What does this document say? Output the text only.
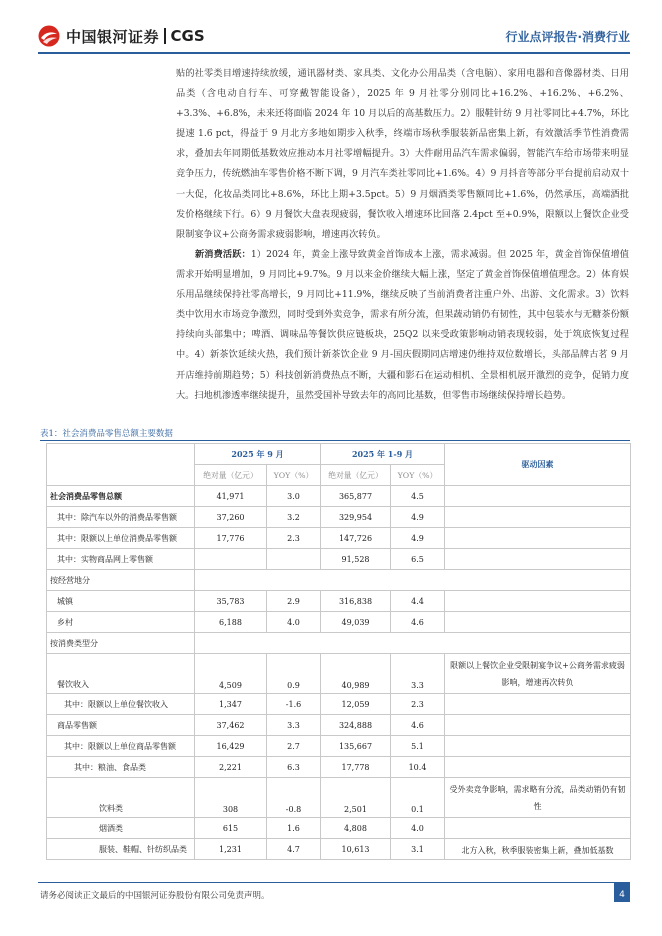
中国银河证券 CGS	行业点评报告·消费行业

贴的社零类目增速持续放缓，通讯器材类、家具类、文化办公用品类（含电脑）、家用电器和音像器材类、日用品类（含电动自行车、可穿戴智能设备），2025 年 9 月社零分别同比+16.2%、+16.2%、+6.2%、+3.3%、+6.8%，未来还将面临 2024 年 10 月以后的高基数压力。2）服鞋针纺 9 月社零同比+4.7%，环比提速 1.6 pct，得益于 9 月北方多地如期步入秋季，终端市场秋季服装新品密集上新，有效激活季节性消费需求，叠加去年同期低基数效应推动本月社零增幅提升。3）大件耐用品汽车需求偏弱，智能汽车给市场带来明显竞争压力，传统燃油车零售价格不断下调，9 月汽车类社零同比+1.6%。4）9 月抖音等部分平台提前启动双十一大促，化妆品类同比+8.6%，环比上期+3.5pct。5）9 月烟酒类零售额同比+1.6%，仍然承压，高端酒批发价格继续下行。6）9 月餐饮大盘表现疲弱，餐饮收入增速环比回落 2.4pct 至+0.9%，限额以上餐饮企业受限制宴争议+公商务需求疲弱影响，增速再次转负。

新消费活跃：1）2024 年，黄金上涨导致黄金首饰成本上涨，需求减弱。但 2025 年，黄金首饰保值增值需求开始明显增加，9 月同比+9.7%。9 月以来金价继续大幅上涨，坚定了黄金首饰保值增值理念。2）体育娱乐用品继续保持社零高增长，9 月同比+11.9%，继续反映了当前消费者注重户外、出游、文化需求。3）饮料类中饮用水市场竞争激烈，同时受到外卖竞争，需求有所分流，但果蔬动销仍有韧性，其中包装水与无糖茶份额持续向头部集中；啤酒、调味品等餐饮供应链板块，25Q2 以来受政策影响动销表现较弱，处于筑底恢复过程中。4）新茶饮延续火热，我们预计新茶饮企业 9 月-国庆假期同店增速仍维持双位数增长，头部品牌古茗 9 月开店维持前期趋势；5）科技创新消费热点不断，大疆和影石在运动相机、全景相机展开激烈的竞争，促销力度大。扫地机渗透率继续提升，虽然受国补导致去年的高同比基数，但零售市场继续保持增长趋势。

表1：社会消费品零售总额主要数据
	2025 年 9 月		2025 年 1-9 月		驱动因素
	绝对量（亿元）	YOY（%）	绝对量（亿元）	YOY（%）	
社会消费品零售总额	41,971	3.0	365,877	4.5	
其中：除汽车以外的消费品零售额	37,260	3.2	329,954	4.9	
其中：限额以上单位消费品零售额	17,776	2.3	147,726	4.9	
其中：实物商品网上零售额			91,528	6.5	
按经营地分					
城镇	35,783	2.9	316,838	4.4	
乡村	6,188	4.0	49,039	4.6	
按消费类型分					
餐饮收入	4,509	0.9	40,989	3.3	限额以上餐饮企业受限制宴争议+公商务需求疲弱影响，增速再次转负
其中：限额以上单位餐饮收入	1,347	-1.6	12,059	2.3	
商品零售额	37,462	3.3	324,888	4.6	
其中：限额以上单位商品零售额	16,429	2.7	135,667	5.1	
其中：粮油、食品类	2,221	6.3	17,778	10.4	
饮料类	308	-0.8	2,501	0.1	受外卖竞争影响，需求略有分流，品类动销仍有韧性
烟酒类	615	1.6	4,808	4.0	
服装、鞋帽、针纺织品类	1,231	4.7	10,613	3.1	北方入秋，秋季服装密集上新，叠加低基数
请务必阅读正文最后的中国银河证券股份有限公司免责声明。	4
